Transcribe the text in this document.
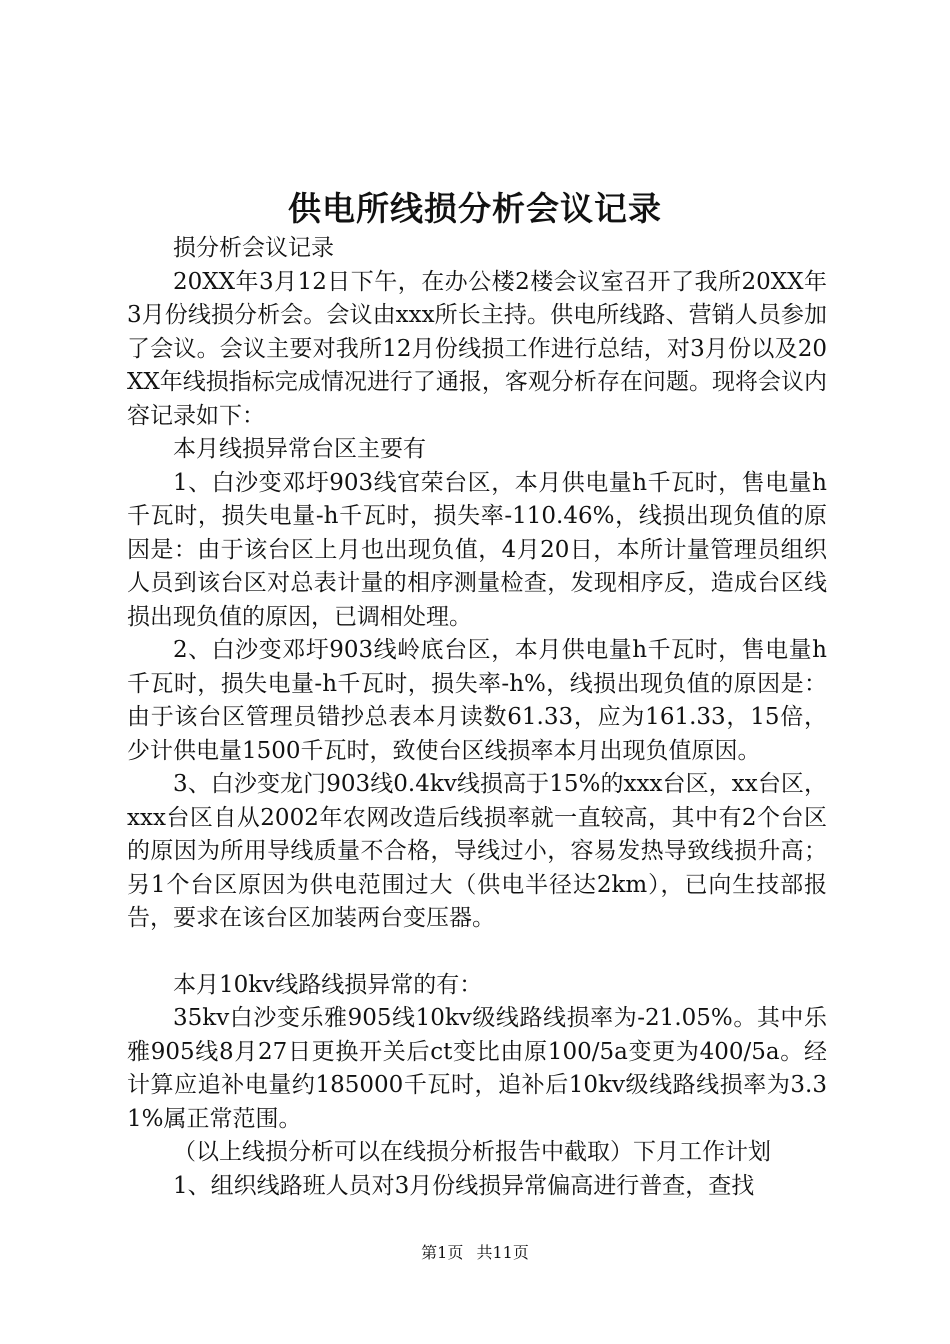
供电所线损分析会议记录

损分析会议记录

20XX年3月12日下午，在办公楼2楼会议室召开了我所20XX年3月份线损分析会。会议由xxx所长主持。供电所线路、营销人员参加了会议。会议主要对我所12月份线损工作进行总结，对3月份以及20XX年线损指标完成情况进行了通报，客观分析存在问题。现将会议内容记录如下：

本月线损异常台区主要有

1、白沙变邓圩903线官荣台区，本月供电量h千瓦时，售电量h千瓦时，损失电量-h千瓦时，损失率-110.46%，线损出现负值的原因是：由于该台区上月也出现负值，4月20日，本所计量管理员组织人员到该台区对总表计量的相序测量检查，发现相序反，造成台区线损出现负值的原因，已调相处理。

2、白沙变邓圩903线岭底台区，本月供电量h千瓦时，售电量h千瓦时，损失电量-h千瓦时，损失率-h%，线损出现负值的原因是：由于该台区管理员错抄总表本月读数61.33，应为161.33，15倍，少计供电量1500千瓦时，致使台区线损率本月出现负值原因。

3、白沙变龙门903线0.4kv线损高于15%的xxx台区，xx台区，xxx台区自从2002年农网改造后线损率就一直较高，其中有2个台区的原因为所用导线质量不合格，导线过小，容易发热导致线损升高；另1个台区原因为供电范围过大（供电半径达2km），已向生技部报告，要求在该台区加装两台变压器。

本月10kv线路线损异常的有：

35kv白沙变乐雅905线10kv级线路线损率为-21.05%。其中乐雅905线8月27日更换开关后ct变比由原100/5a变更为400/5a。经计算应追补电量约185000千瓦时，追补后10kv级线路线损率为3.31%属正常范围。

（以上线损分析可以在线损分析报告中截取）下月工作计划

1、组织线路班人员对3月份线损异常偏高进行普查，查找

第1页 共11页
